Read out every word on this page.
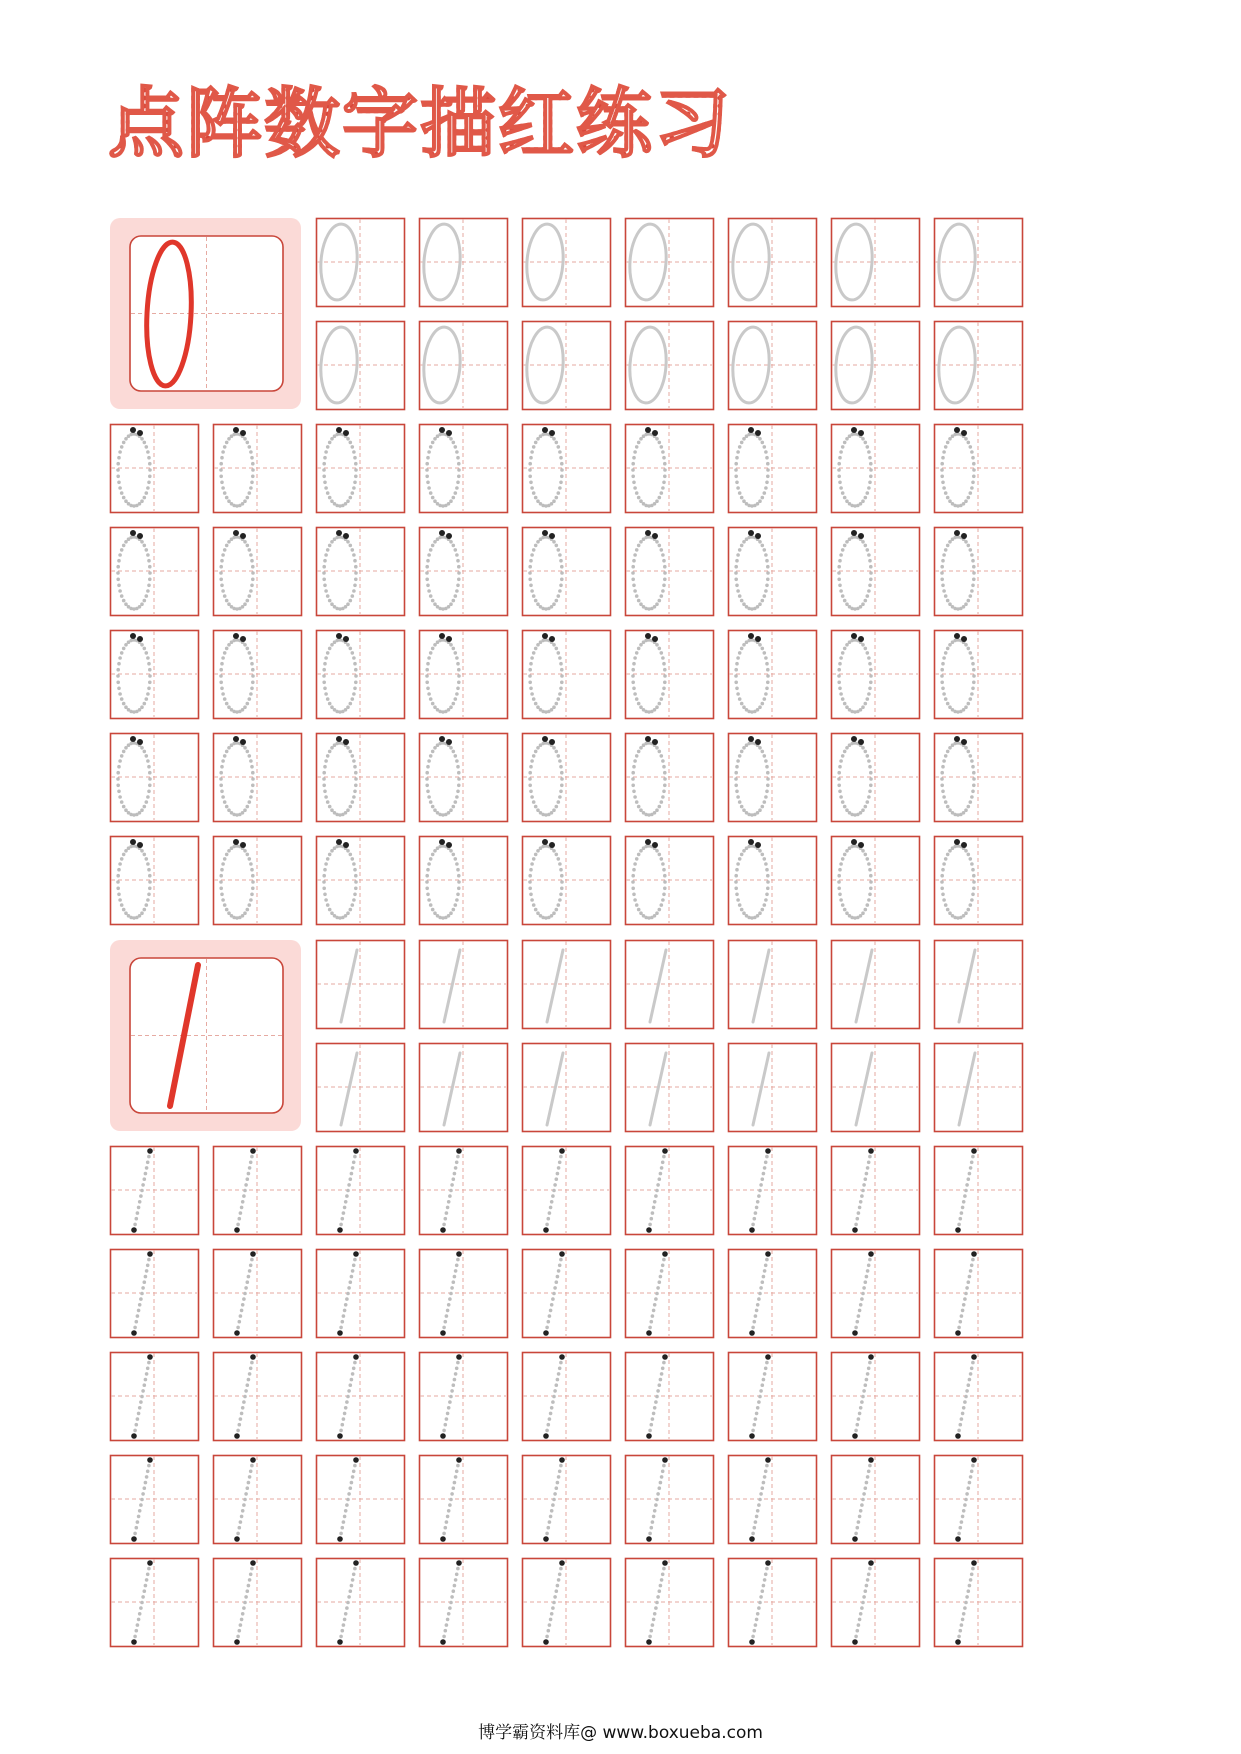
点阵数字描红练习
博学霸资料库@ www.boxueba.com
